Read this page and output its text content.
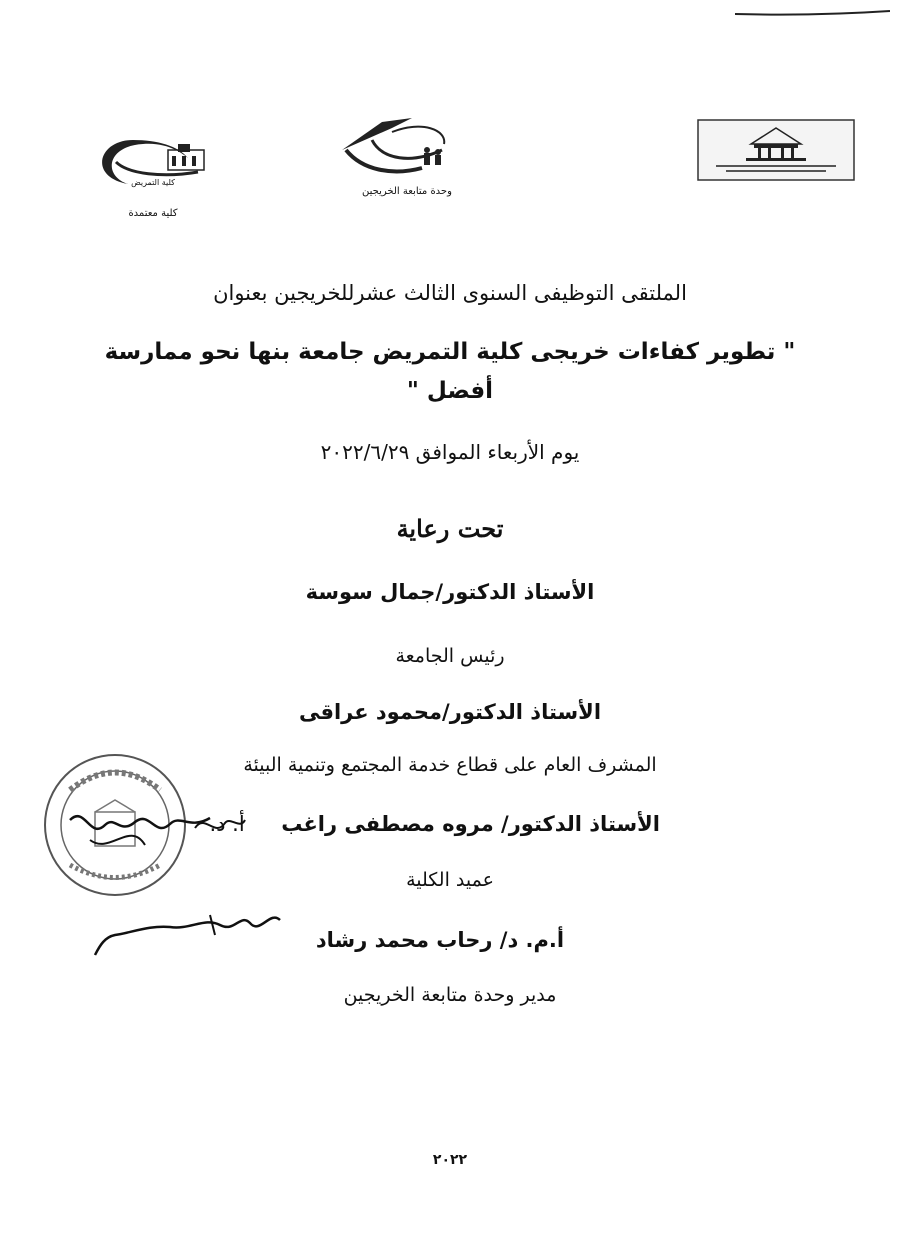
كلية التمريض
كلية معتمدة
وحدة متابعة الخريجين
الملتقى التوظيفى السنوى الثالث عشرللخريجين بعنوان
" تطوير كفاءات خريجى كلية التمريض جامعة بنها نحو ممارسة
أفضل "
يوم الأربعاء الموافق ٢٠٢٢/٦/٢٩
تحت رعاية
الأستاذ الدكتور/جمال سوسة
رئيس الجامعة
الأستاذ الدكتور/محمود عراقى
المشرف العام على قطاع خدمة المجتمع وتنمية البيئة
الأستاذ الدكتور/ مروه مصطفى راغب     أ. د.
عميد الكلية
أ.م. د/ رحاب محمد رشاد
مدير وحدة متابعة الخريجين
٢٠٢٢
